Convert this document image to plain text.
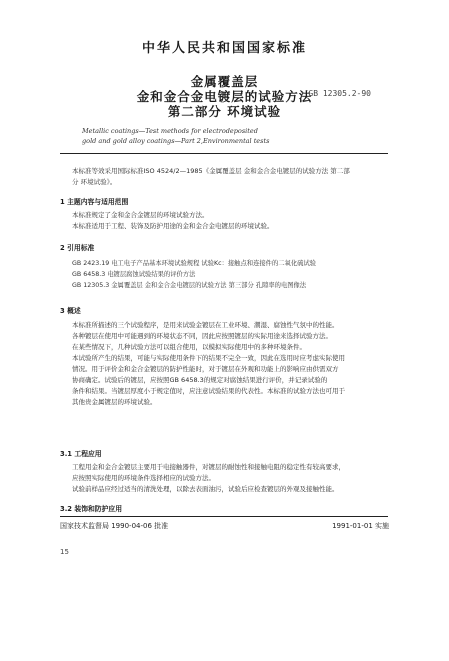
中华人民共和国国家标准
金属覆盖层
金和金合金电镀层的试验方法
第二部分 环境试验
GB 12305.2-90
Metallic coatings—Test methods for electrodeposited
gold and gold alloy coatings—Part 2,Environmental tests
本标准等效采用国际标准ISO 4524/2—1985《金属覆盖层 金和金合金电镀层的试验方法 第二部
分 环境试验》。
1 主题内容与适用范围
本标准规定了金和金合金镀层的环境试验方法。
本标准适用于工程、装饰及防护用途的金和金合金电镀层的环境试验。
2 引用标准
GB 2423.19 电工电子产品基本环境试验规程 试验Kc：接触点和连接件的二氧化硫试验
GB 6458.3 电镀层腐蚀试验结果的评价方法
GB 12305.3 金属覆盖层 金和金合金电镀层的试验方法 第三部分 孔隙率的电图像法
3 概述
本标准所描述的三个试验程序，是用来试验金镀层在工业环境、潮湿、腐蚀性气氛中的性能。
各种镀层在使用中可能遇到的环境状态不同，因此应按照镀层的实际用途来选择试验方法。
在某些情况下，几种试验方法可以组合使用，以模拟实际使用中的多种环境条件。
本试验所产生的结果，可能与实际使用条件下的结果不完全一致，因此在选用时应考虑实际使用
情况。用于评价金和金合金镀层的防护性能时，对于镀层在外观和功能上的影响应由供需双方
协商确定。试验后的镀层，应按照GB 6458.3的规定对腐蚀结果进行评价，并记录试验的
条件和结果。当镀层厚度小于规定值时，应注意试验结果的代表性。本标准的试验方法也可用于
其他贵金属镀层的环境试验。
3.1 工程应用
工程用金和金合金镀层主要用于电接触器件，对镀层的耐蚀性和接触电阻的稳定性有较高要求，
应按照实际使用的环境条件选择相应的试验方法。
试验前样品应经过适当的清洗处理，以除去表面油污，试验后应检查镀层的外观及接触性能。
3.2 装饰和防护应用
国家技术监督局 1990-04-06 批准	1991-01-01 实施
15
